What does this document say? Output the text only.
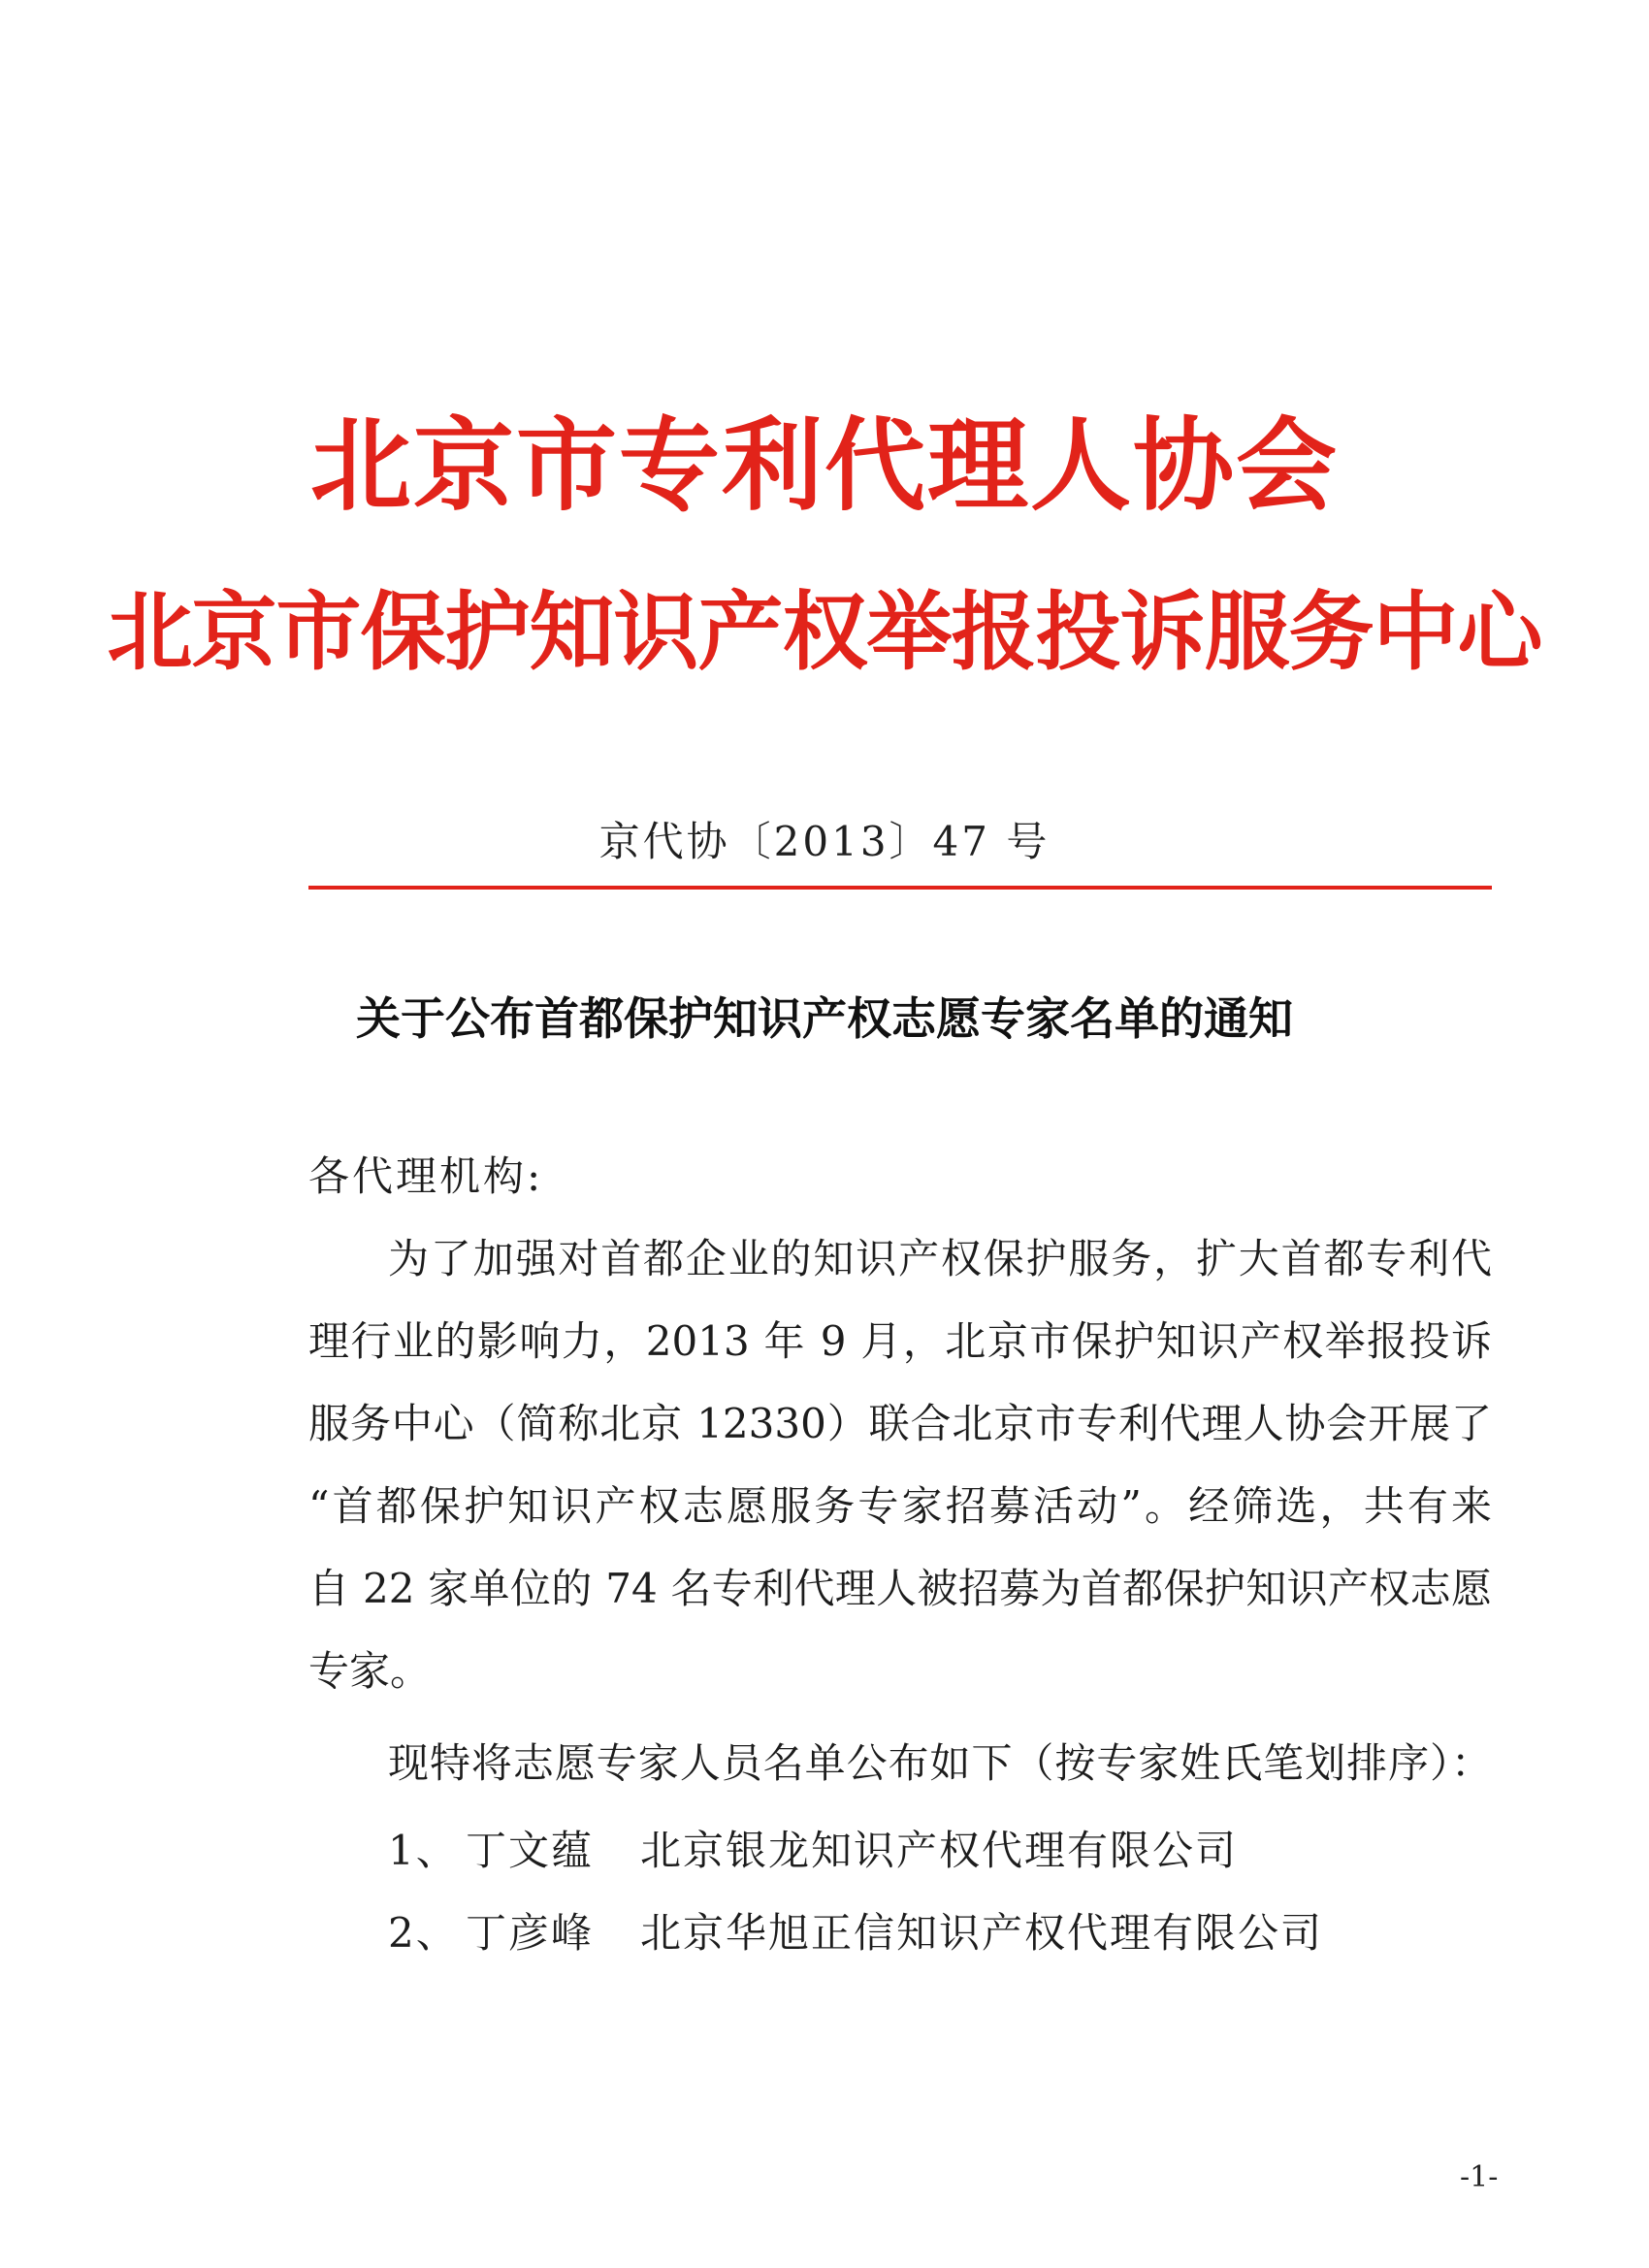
北京市专利代理人协会
北京市保护知识产权举报投诉服务中心
京代协〔2013〕47 号
关于公布首都保护知识产权志愿专家名单的通知
各代理机构:
为了加强对首都企业的知识产权保护服务，扩大首都专利代
理行业的影响力，2013 年 9 月，北京市保护知识产权举报投诉
服务中心（简称北京 12330）联合北京市专利代理人协会开展了
“首都保护知识产权志愿服务专家招募活动”。经筛选，共有来
自 22 家单位的 74 名专利代理人被招募为首都保护知识产权志愿
专家。
现特将志愿专家人员名单公布如下（按专家姓氏笔划排序）：
1、 丁文蕴 北京银龙知识产权代理有限公司
2、 丁彦峰 北京华旭正信知识产权代理有限公司
-1-
